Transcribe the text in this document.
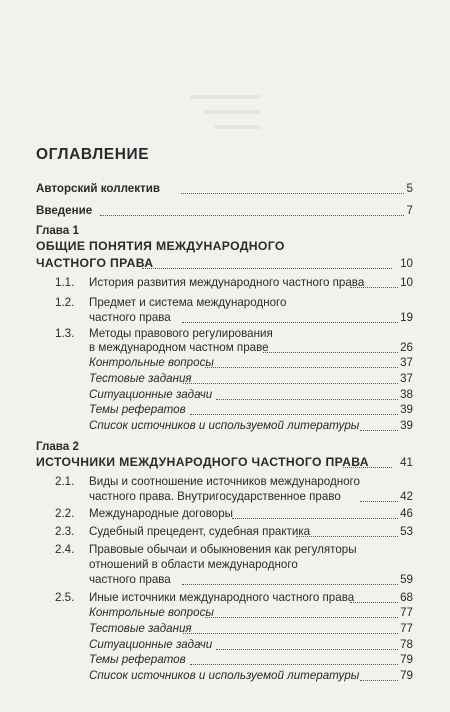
ОГЛАВЛЕНИЕ
Авторский коллектив	5
Введение	7
Глава 1
ОБЩИЕ ПОНЯТИЯ МЕЖДУНАРОДНОГО
ЧАСТНОГО ПРАВА	10
1.1.	История развития международного частного права	10
1.2.	Предмет и система международного
частного права	19
1.3.	Методы правового регулирования
в международном частном праве	26
Контрольные вопросы	37
Тестовые задания	37
Ситуационные задачи	38
Темы рефератов	39
Список источников и используемой литературы	39
Глава 2
ИСТОЧНИКИ МЕЖДУНАРОДНОГО ЧАСТНОГО ПРАВА	41
2.1.	Виды и соотношение источников международного
частного права. Внутригосударственное право	42
2.2.	Международные договоры	46
2.3.	Судебный прецедент, судебная практика	53
2.4.	Правовые обычаи и обыкновения как регуляторы
отношений в области международного
частного права	59
2.5.	Иные источники международного частного права	68
Контрольные вопросы	77
Тестовые задания	77
Ситуационные задачи	78
Темы рефератов	79
Список источников и используемой литературы	79
